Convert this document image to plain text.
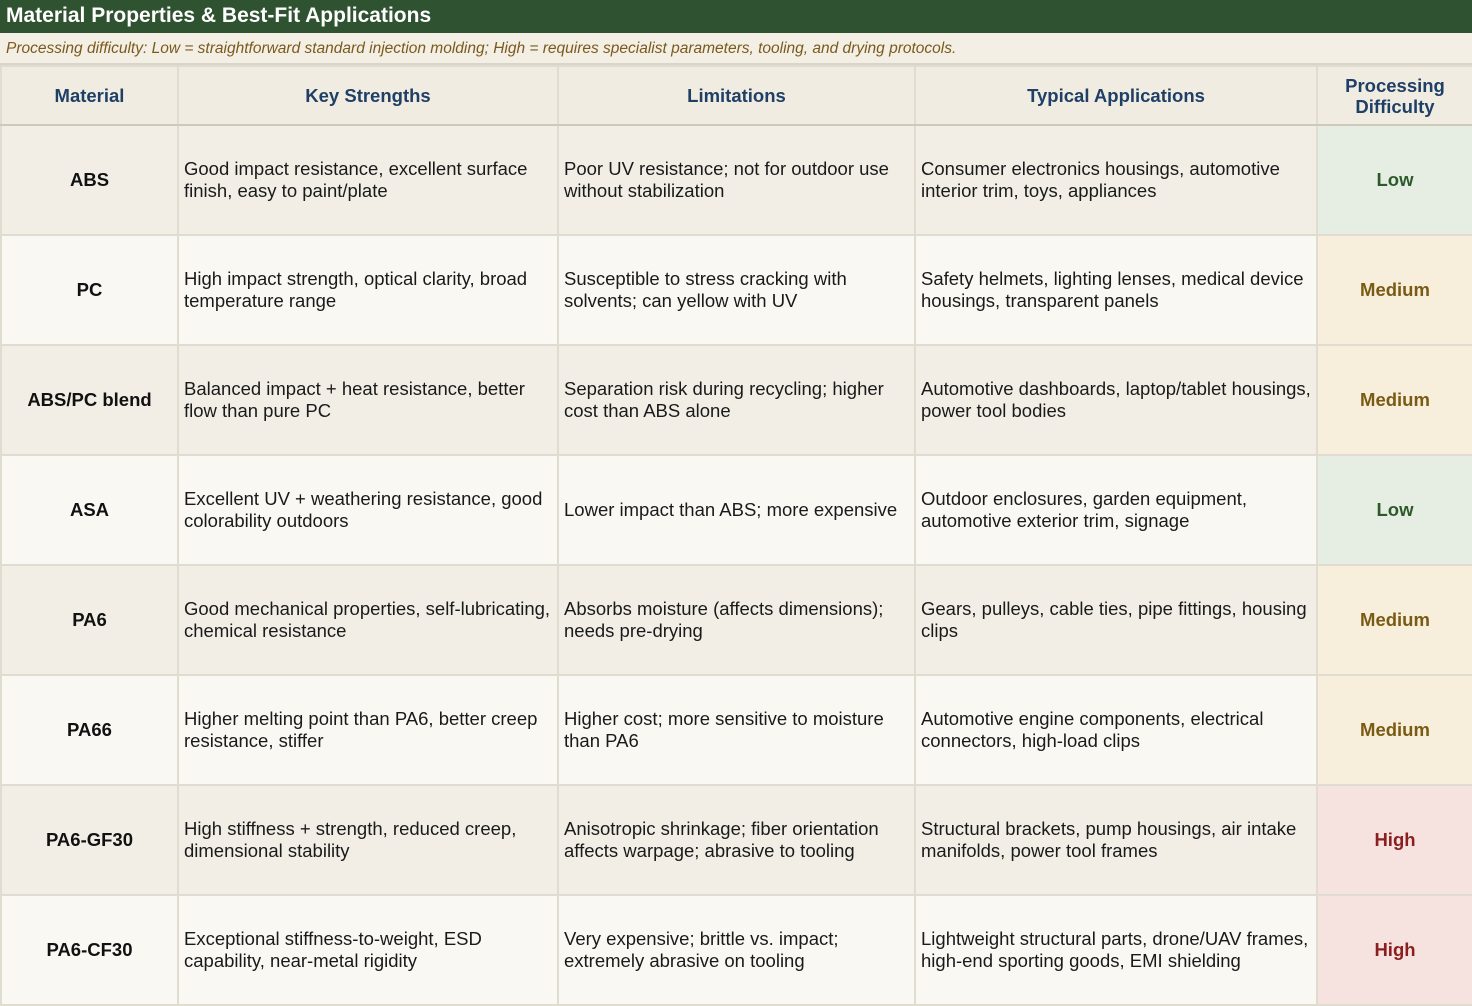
Material Properties & Best-Fit Applications
Processing difficulty: Low = straightforward standard injection molding; High = requires specialist parameters, tooling, and drying protocols.
Material	Key Strengths	Limitations	Typical Applications	Processing Difficulty
ABS	Good impact resistance, excellent surface finish, easy to paint/plate	Poor UV resistance; not for outdoor use without stabilization	Consumer electronics housings, automotive interior trim, toys, appliances	Low
PC	High impact strength, optical clarity, broad temperature range	Susceptible to stress cracking with solvents; can yellow with UV	Safety helmets, lighting lenses, medical device housings, transparent panels	Medium
ABS/PC blend	Balanced impact + heat resistance, better flow than pure PC	Separation risk during recycling; higher cost than ABS alone	Automotive dashboards, laptop/tablet housings, power tool bodies	Medium
ASA	Excellent UV + weathering resistance, good colorability outdoors	Lower impact than ABS; more expensive	Outdoor enclosures, garden equipment, automotive exterior trim, signage	Low
PA6	Good mechanical properties, self-lubricating, chemical resistance	Absorbs moisture (affects dimensions); needs pre-drying	Gears, pulleys, cable ties, pipe fittings, housing clips	Medium
PA66	Higher melting point than PA6, better creep resistance, stiffer	Higher cost; more sensitive to moisture than PA6	Automotive engine components, electrical connectors, high-load clips	Medium
PA6-GF30	High stiffness + strength, reduced creep, dimensional stability	Anisotropic shrinkage; fiber orientation affects warpage; abrasive to tooling	Structural brackets, pump housings, air intake manifolds, power tool frames	High
PA6-CF30	Exceptional stiffness-to-weight, ESD capability, near-metal rigidity	Very expensive; brittle vs. impact; extremely abrasive on tooling	Lightweight structural parts, drone/UAV frames, high-end sporting goods, EMI shielding	High
